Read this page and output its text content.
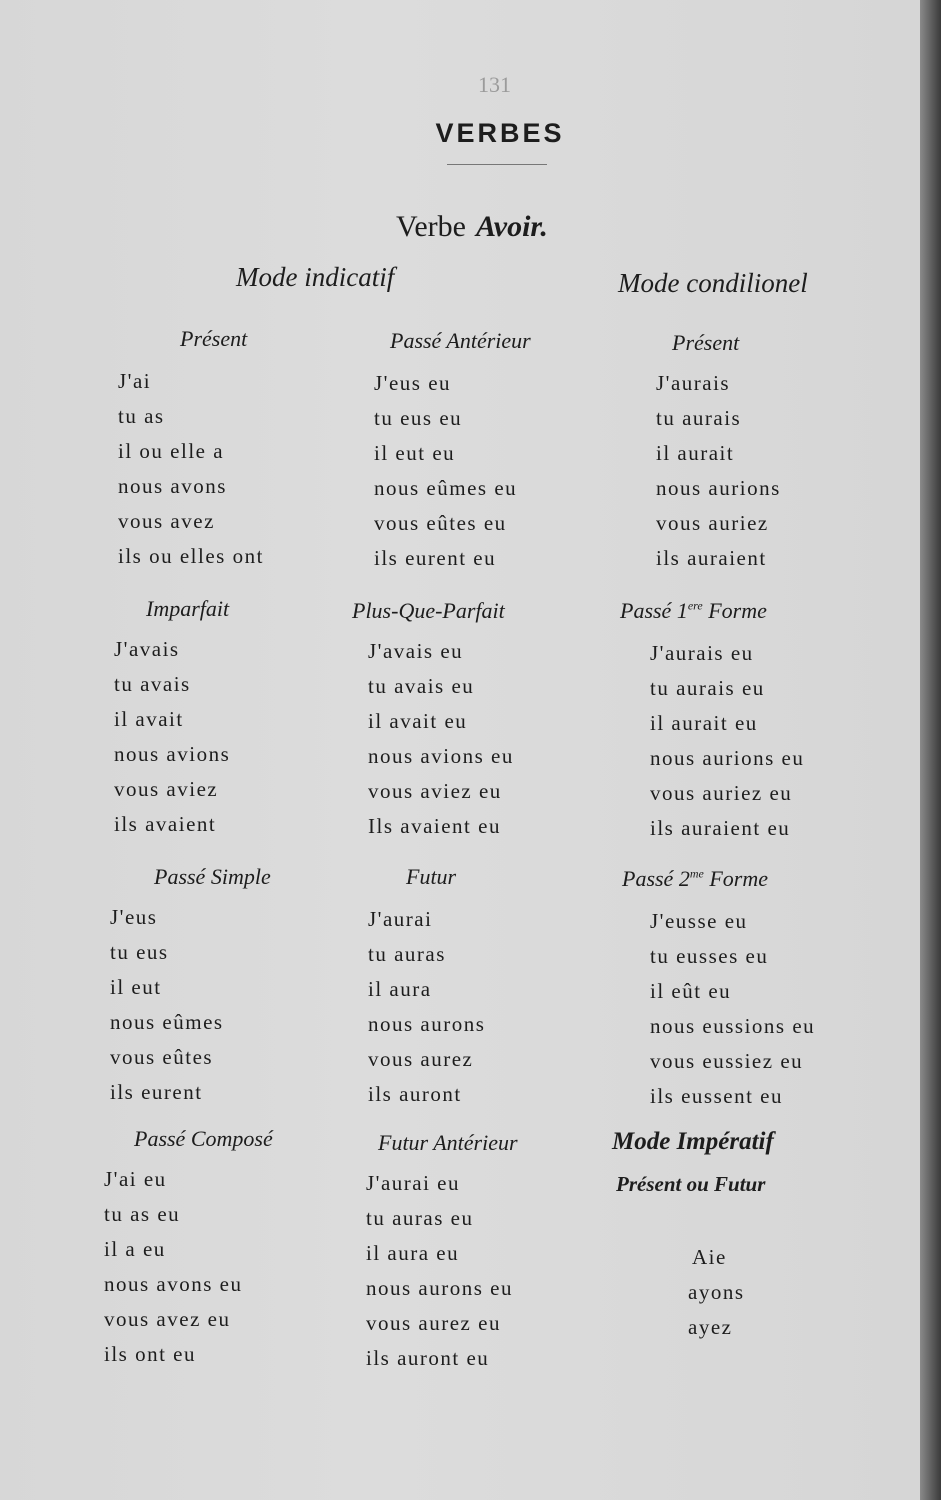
131
VERBES
Verbe Avoir.
Mode indicatif	Mode condilionel
Présent
J'ai
tu as
il ou elle a
nous avons
vous avez
ils ou elles ont
Passé Antérieur
J'eus eu
tu eus eu
il eut eu
nous eûmes eu
vous eûtes eu
ils eurent eu
Présent
J'aurais
tu aurais
il aurait
nous aurions
vous auriez
ils auraient
Imparfait
J'avais
tu avais
il avait
nous avions
vous aviez
ils avaient
Plus-Que-Parfait
J'avais eu
tu avais eu
il avait eu
nous avions eu
vous aviez eu
Ils avaient eu
Passé 1ere Forme
J'aurais eu
tu aurais eu
il aurait eu
nous aurions eu
vous auriez eu
ils auraient eu
Passé Simple
J'eus
tu eus
il eut
nous eûmes
vous eûtes
ils eurent
Futur
J'aurai
tu auras
il aura
nous aurons
vous aurez
ils auront
Passé $2^{me}$ Forme
J'eusse eu
tu eusses eu
il eût eu
nous eussions eu
vous eussiez eu
ils eussent eu
Passé Composé
J'ai eu
tu as eu
il a eu
nous avons eu
vous avez eu
ils ont eu
Futur Antérieur
J'aurai eu
tu auras eu
il aura eu
nous aurons eu
vous aurez eu
ils auront eu
Mode Impératif
Présent ou Futur
Aie
ayons
ayez
